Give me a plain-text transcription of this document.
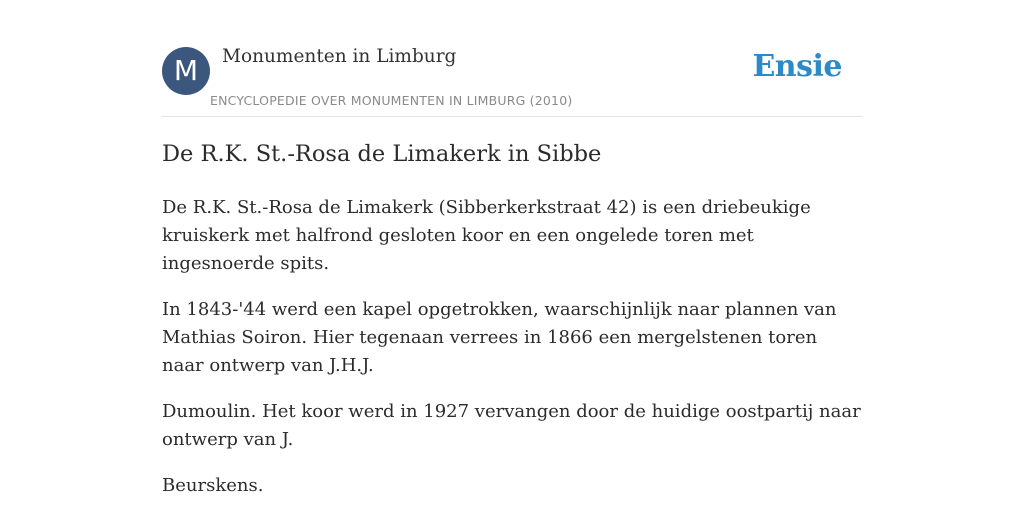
M	Monumenten in Limburg
ENCYCLOPEDIE OVER MONUMENTEN IN LIMBURG (2010)
Ensie
De R.K. St.-Rosa de Limakerk in Sibbe

De R.K. St.-Rosa de Limakerk (Sibberkerkstraat 42) is een driebeukige kruiskerk met halfrond gesloten koor en een ongelede toren met ingesnoerde spits.

In 1843-'44 werd een kapel opgetrokken, waarschijnlijk naar plannen van Mathias Soiron. Hier tegenaan verrees in 1866 een mergelstenen toren naar ontwerp van J.H.J.

Dumoulin. Het koor werd in 1927 vervangen door de huidige oostpartij naar ontwerp van J.

Beurskens.
